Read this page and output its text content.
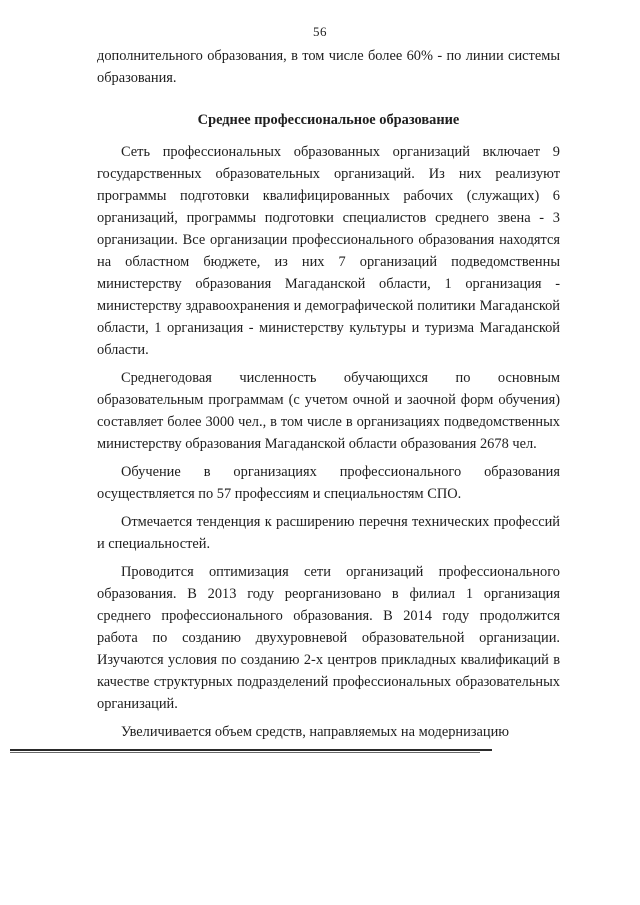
56

дополнительного образования, в том числе более 60% - по линии системы образования.

Среднее профессиональное образование

Сеть профессиональных образованных организаций включает 9 государственных образовательных организаций. Из них реализуют программы подготовки квалифицированных рабочих (служащих) 6 организаций, программы подготовки специалистов среднего звена - 3 организации. Все организации профессионального образования находятся на областном бюджете, из них 7 организаций подведомственны министерству образования Магаданской области, 1 организация - министерству здравоохранения и демографической политики Магаданской области, 1 организация - министерству культуры и туризма Магаданской области.

Среднегодовая численность обучающихся по основным образовательным программам (с учетом очной и заочной форм обучения) составляет более 3000 чел., в том числе в организациях подведомственных министерству образования Магаданской области образования 2678 чел.

Обучение в организациях профессионального образования осуществляется по 57 профессиям и специальностям СПО.

Отмечается тенденция к расширению перечня технических профессий и специальностей.

Проводится оптимизация сети организаций профессионального образования. В 2013 году реорганизовано в филиал 1 организация среднего профессионального образования. В 2014 году продолжится работа по созданию двухуровневой образовательной организации. Изучаются условия по созданию 2-х центров прикладных квалификаций в качестве структурных подразделений профессиональных образовательных организаций.

Увеличивается объем средств, направляемых на модернизацию
